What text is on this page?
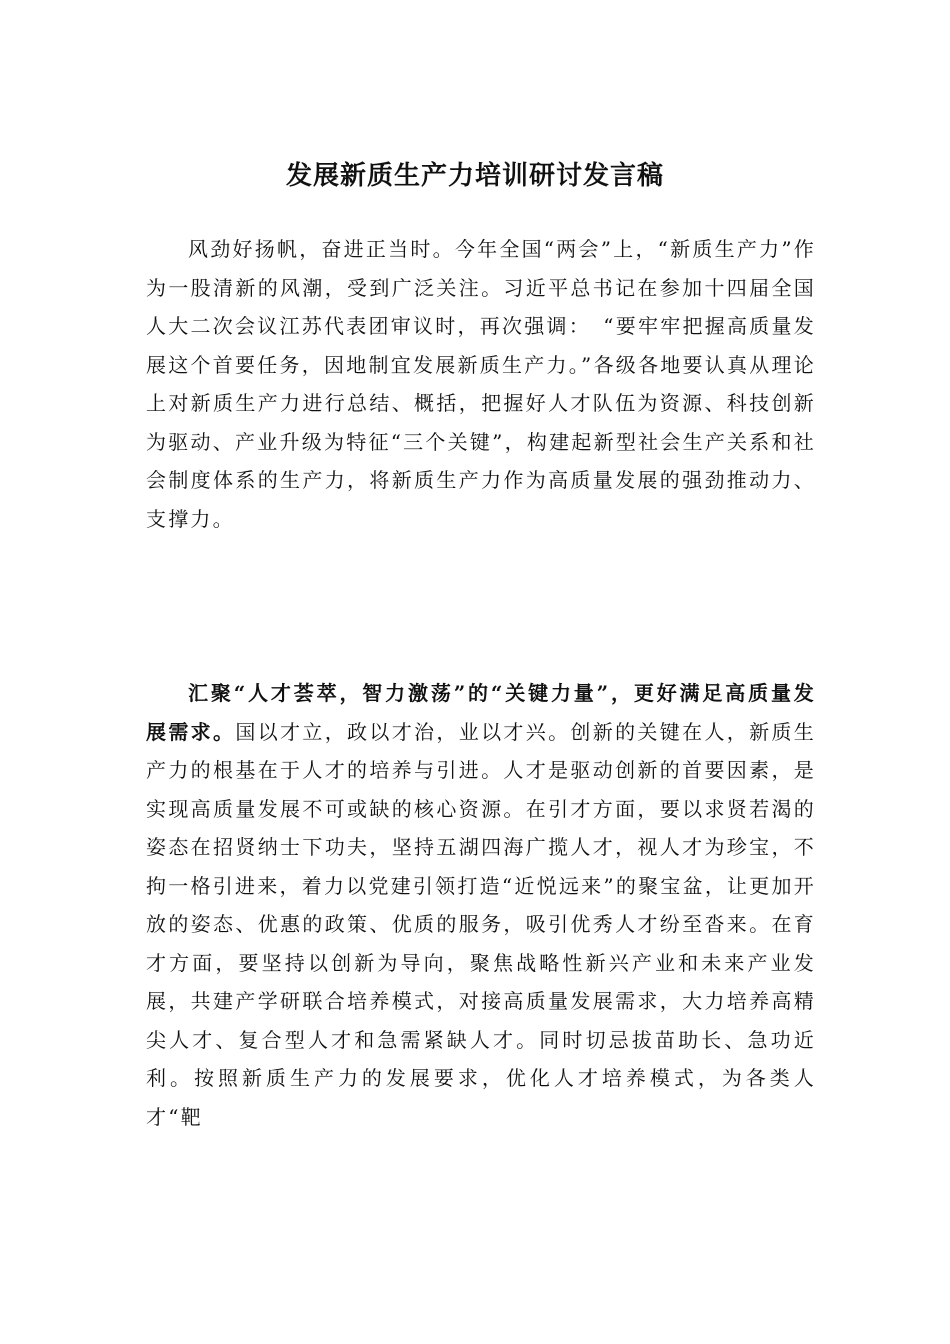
发展新质生产力培训研讨发言稿

风劲好扬帆，奋进正当时。今年全国“两会”上，“新质生产力”作为一股清新的风潮，受到广泛关注。习近平总书记在参加十四届全国人大二次会议江苏代表团审议时，再次强调：　“要牢牢把握高质量发展这个首要任务，因地制宜发展新质生产力。”各级各地要认真从理论上对新质生产力进行总结、概括，把握好人才队伍为资源、科技创新为驱动、产业升级为特征“三个关键”，构建起新型社会生产关系和社会制度体系的生产力，将新质生产力作为高质量发展的强劲推动力、支撑力。

汇聚“人才荟萃，智力激荡”的“关键力量”，更好满足高质量发展需求。国以才立，政以才治，业以才兴。创新的关键在人，新质生产力的根基在于人才的培养与引进。人才是驱动创新的首要因素，是实现高质量发展不可或缺的核心资源。在引才方面，要以求贤若渴的姿态在招贤纳士下功夫，坚持五湖四海广揽人才，视人才为珍宝，不拘一格引进来，着力以党建引领打造“近悦远来”的聚宝盆，让更加开放的姿态、优惠的政策、优质的服务，吸引优秀人才纷至沓来。在育才方面，要坚持以创新为导向，聚焦战略性新兴产业和未来产业发展，共建产学研联合培养模式，对接高质量发展需求，大力培养高精尖人才、复合型人才和急需紧缺人才。同时切忌拔苗助长、急功近利。按照新质生产力的发展要求，优化人才培养模式，为各类人才“靶
